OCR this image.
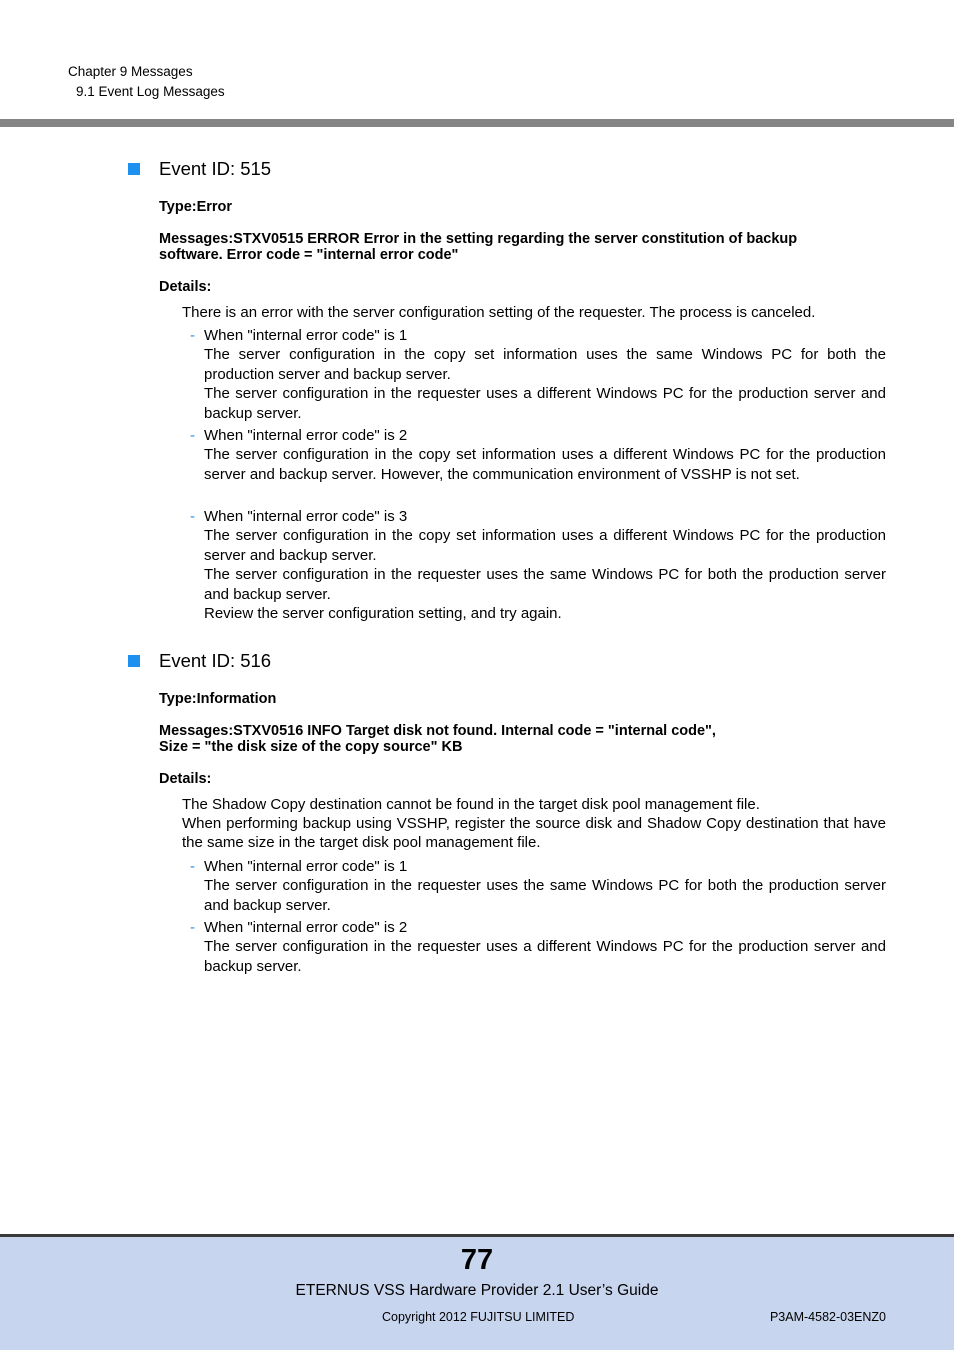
Chapter 9 Messages
9.1 Event Log Messages
Event ID: 515
Type:Error
Messages:STXV0515 ERROR Error in the setting regarding the server constitution of backup
software. Error code = "internal error code"
Details:
There is an error with the server configuration setting of the requester. The process is canceled.
- When "internal error code" is 1
The server configuration in the copy set information uses the same Windows PC for both the production server and backup server.
The server configuration in the requester uses a different Windows PC for the production server and backup server.
- When "internal error code" is 2
The server configuration in the copy set information uses a different Windows PC for the production server and backup server. However, the communication environment of VSSHP is not set.
- When "internal error code" is 3
The server configuration in the copy set information uses a different Windows PC for the production server and backup server.
The server configuration in the requester uses the same Windows PC for both the production server and backup server.
Review the server configuration setting, and try again.
Event ID: 516
Type:Information
Messages:STXV0516 INFO Target disk not found. Internal code = "internal code",
Size = "the disk size of the copy source" KB
Details:
The Shadow Copy destination cannot be found in the target disk pool management file.
When performing backup using VSSHP, register the source disk and Shadow Copy destination that have the same size in the target disk pool management file.
- When "internal error code" is 1
The server configuration in the requester uses the same Windows PC for both the production server and backup server.
- When "internal error code" is 2
The server configuration in the requester uses a different Windows PC for the production server and backup server.
77
ETERNUS VSS Hardware Provider 2.1 User’s Guide
Copyright 2012 FUJITSU LIMITED	P3AM-4582-03ENZ0
